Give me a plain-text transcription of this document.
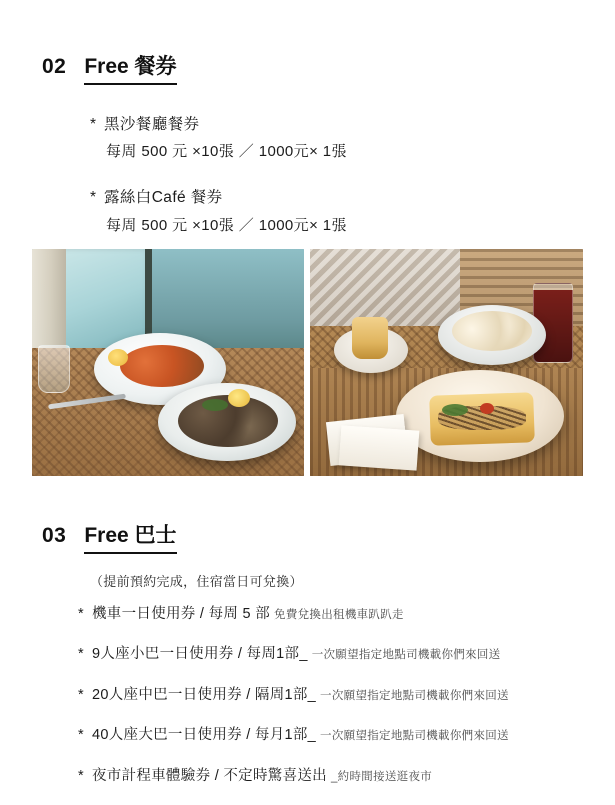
02 Free 餐券
* 黑沙餐廳餐券
每周 500 元 ×10張 ／ 1000元× 1張
* 露絲白Café 餐券
每周 500 元 ×10張 ／ 1000元× 1張
03 Free 巴士
（提前預約完成，住宿當日可兌換）
* 機車一日使用券 / 每周 5 部 免費兌換出租機車趴趴走
* 9人座小巴一日使用券 / 每周1部_ 一次願望指定地點司機載你們來回送
* 20人座中巴一日使用券 / 隔周1部_ 一次願望指定地點司機載你們來回送
* 40人座大巴一日使用券 / 每月1部_ 一次願望指定地點司機載你們來回送
* 夜市計程車體驗券 / 不定時驚喜送出 _約時間接送逛夜市
